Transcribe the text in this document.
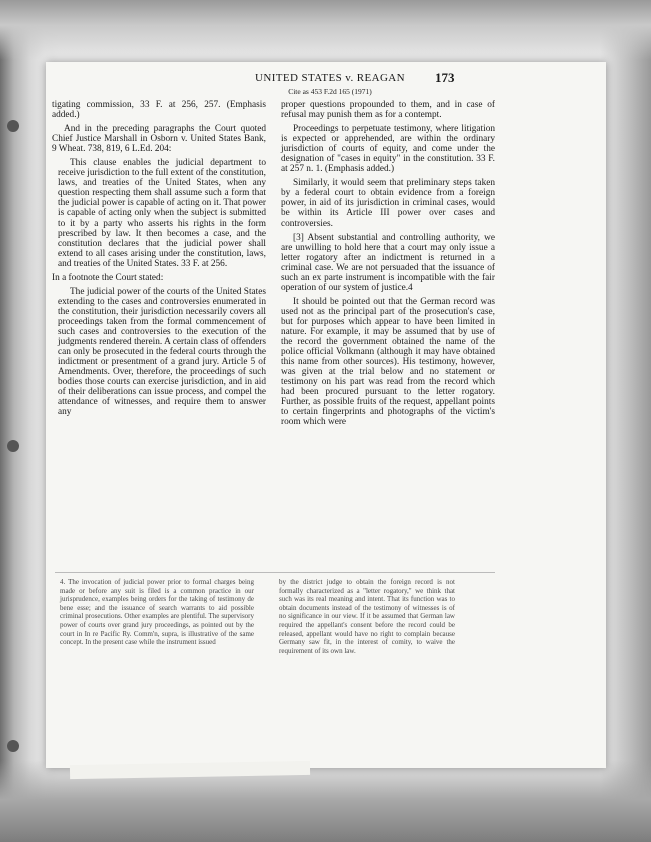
UNITED STATES v. REAGAN	173
Cite as 453 F.2d 165 (1971)

tigating commission, 33 F. at 256, 257. (Emphasis added.)

And in the preceding paragraphs the Court quoted Chief Justice Marshall in Osborn v. United States Bank, 9 Wheat. 738, 819, 6 L.Ed. 204:

This clause enables the judicial department to receive jurisdiction to the full extent of the constitution, laws, and treaties of the United States, when any question respecting them shall assume such a form that the judicial power is capable of acting on it. That power is capable of acting only when the subject is submitted to it by a party who asserts his rights in the form prescribed by law. It then becomes a case, and the constitution declares that the judicial power shall extend to all cases arising under the constitution, laws, and treaties of the United States. 33 F. at 256.

In a footnote the Court stated:

The judicial power of the courts of the United States extending to the cases and controversies enumerated in the constitution, their jurisdiction necessarily covers all proceedings taken from the formal commencement of such cases and controversies to the execution of the judgments rendered therein. A certain class of offenders can only be prosecuted in the federal courts through the indictment or presentment of a grand jury. Article 5 of Amendments. Over, therefore, the proceedings of such bodies those courts can exercise jurisdiction, and in aid of their deliberations can issue process, and compel the attendance of witnesses, and require them to answer any

proper questions propounded to them, and in case of refusal may punish them as for a contempt.

Proceedings to perpetuate testimony, where litigation is expected or apprehended, are within the ordinary jurisdiction of courts of equity, and come under the designation of "cases in equity" in the constitution. 33 F. at 257 n. 1. (Emphasis added.)

Similarly, it would seem that preliminary steps taken by a federal court to obtain evidence from a foreign power, in aid of its jurisdiction in criminal cases, would be within its Article III power over cases and controversies.

[3] Absent substantial and controlling authority, we are unwilling to hold here that a court may only issue a letter rogatory after an indictment is returned in a criminal case. We are not persuaded that the issuance of such an ex parte instrument is incompatible with the fair operation of our system of justice.4

It should be pointed out that the German record was used not as the principal part of the prosecution's case, but for purposes which appear to have been limited in nature. For example, it may be assumed that by use of the record the government obtained the name of the police official Volkmann (although it may have obtained this name from other sources). His testimony, however, was given at the trial below and no statement or testimony on his part was read from the record which had been procured pursuant to the letter rogatory. Further, as possible fruits of the request, appellant points to certain fingerprints and photographs of the victim's room which were

4. The invocation of judicial power prior to formal charges being made or before any suit is filed is a common practice in our jurisprudence, examples being orders for the taking of testimony de bene esse; and the issuance of search warrants to aid possible criminal prosecutions. Other examples are plentiful. The supervisory power of courts over grand jury proceedings, as pointed out by the court in In re Pacific Ry. Comm'n, supra, is illustrative of the same concept. In the present case while the instrument issued
by the district judge to obtain the foreign record is not formally characterized as a "letter rogatory," we think that such was its real meaning and intent. That its function was to obtain documents instead of the testimony of witnesses is of no significance in our view. If it be assumed that German law required the appellant's consent before the record could be released, appellant would have no right to complain because Germany saw fit, in the interest of comity, to waive the requirement of its own law.
